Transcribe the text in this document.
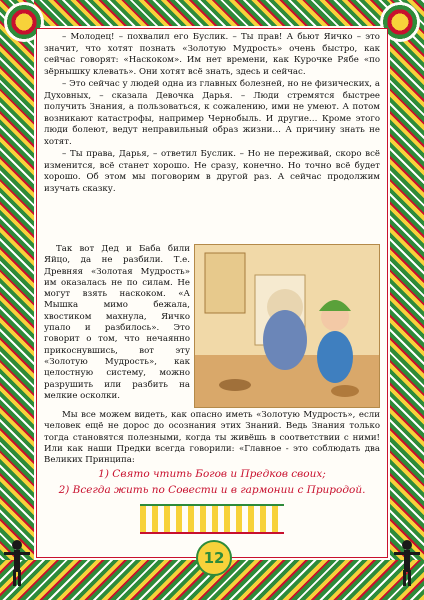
– Молодец! – похвалил его Буслик. – Ты прав! А бьют Яичко – это значит, что хотят познать «Золотую Мудрость» очень быстро, как сейчас говорят: «Наскоком». Им нет времени, как Курочке Рябе «по зёрнышку клевать». Они хотят всё знать, здесь и сейчас.

– Это сейчас у людей одна из главных болезней, но не физических, а Духовных, – сказала Девочка Дарья. – Люди стремятся быстрее получить Знания, а пользоваться, к сожалению, ими не умеют. А потом возникают катастрофы, например Чернобыль. И другие… Кроме этого люди болеют, ведут неправильный образ жизни… А причину знать не хотят.

– Ты права, Дарья, – ответил Буслик. – Но не переживай, скоро всё изменится, всё станет хорошо. Не сразу, конечно. Но точно всё будет хорошо. Об этом мы поговорим в другой раз. А сейчас продолжим изучать сказку.

Так вот Дед и Баба били Яйцо, да не разбили. Т.е. Древняя «Золотая Мудрость» им оказалась не по силам. Не могут взять наскоком. «А Мышка мимо бежала, хвостиком махнула, Яичко упало и разбилось». Это говорит о том, что нечаянно прикоснувшись, вот эту «Золотую Мудрость», как целостную систему, можно разрушить или разбить на мелкие осколки.

Мы все можем видеть, как опасно иметь «Золотую Мудрость», если человек ещё не дорос до осознания этих Знаний. Ведь Знания только тогда становятся полезными, когда ты живёшь в соответствии с ними! Или как наши Предки всегда говорили: «Главное - это соблюдать два Великих Принципа:

1) Свято чтить Богов и Предков своих;
2) Всегда жить по Совести и в гармонии с Природой.
12
